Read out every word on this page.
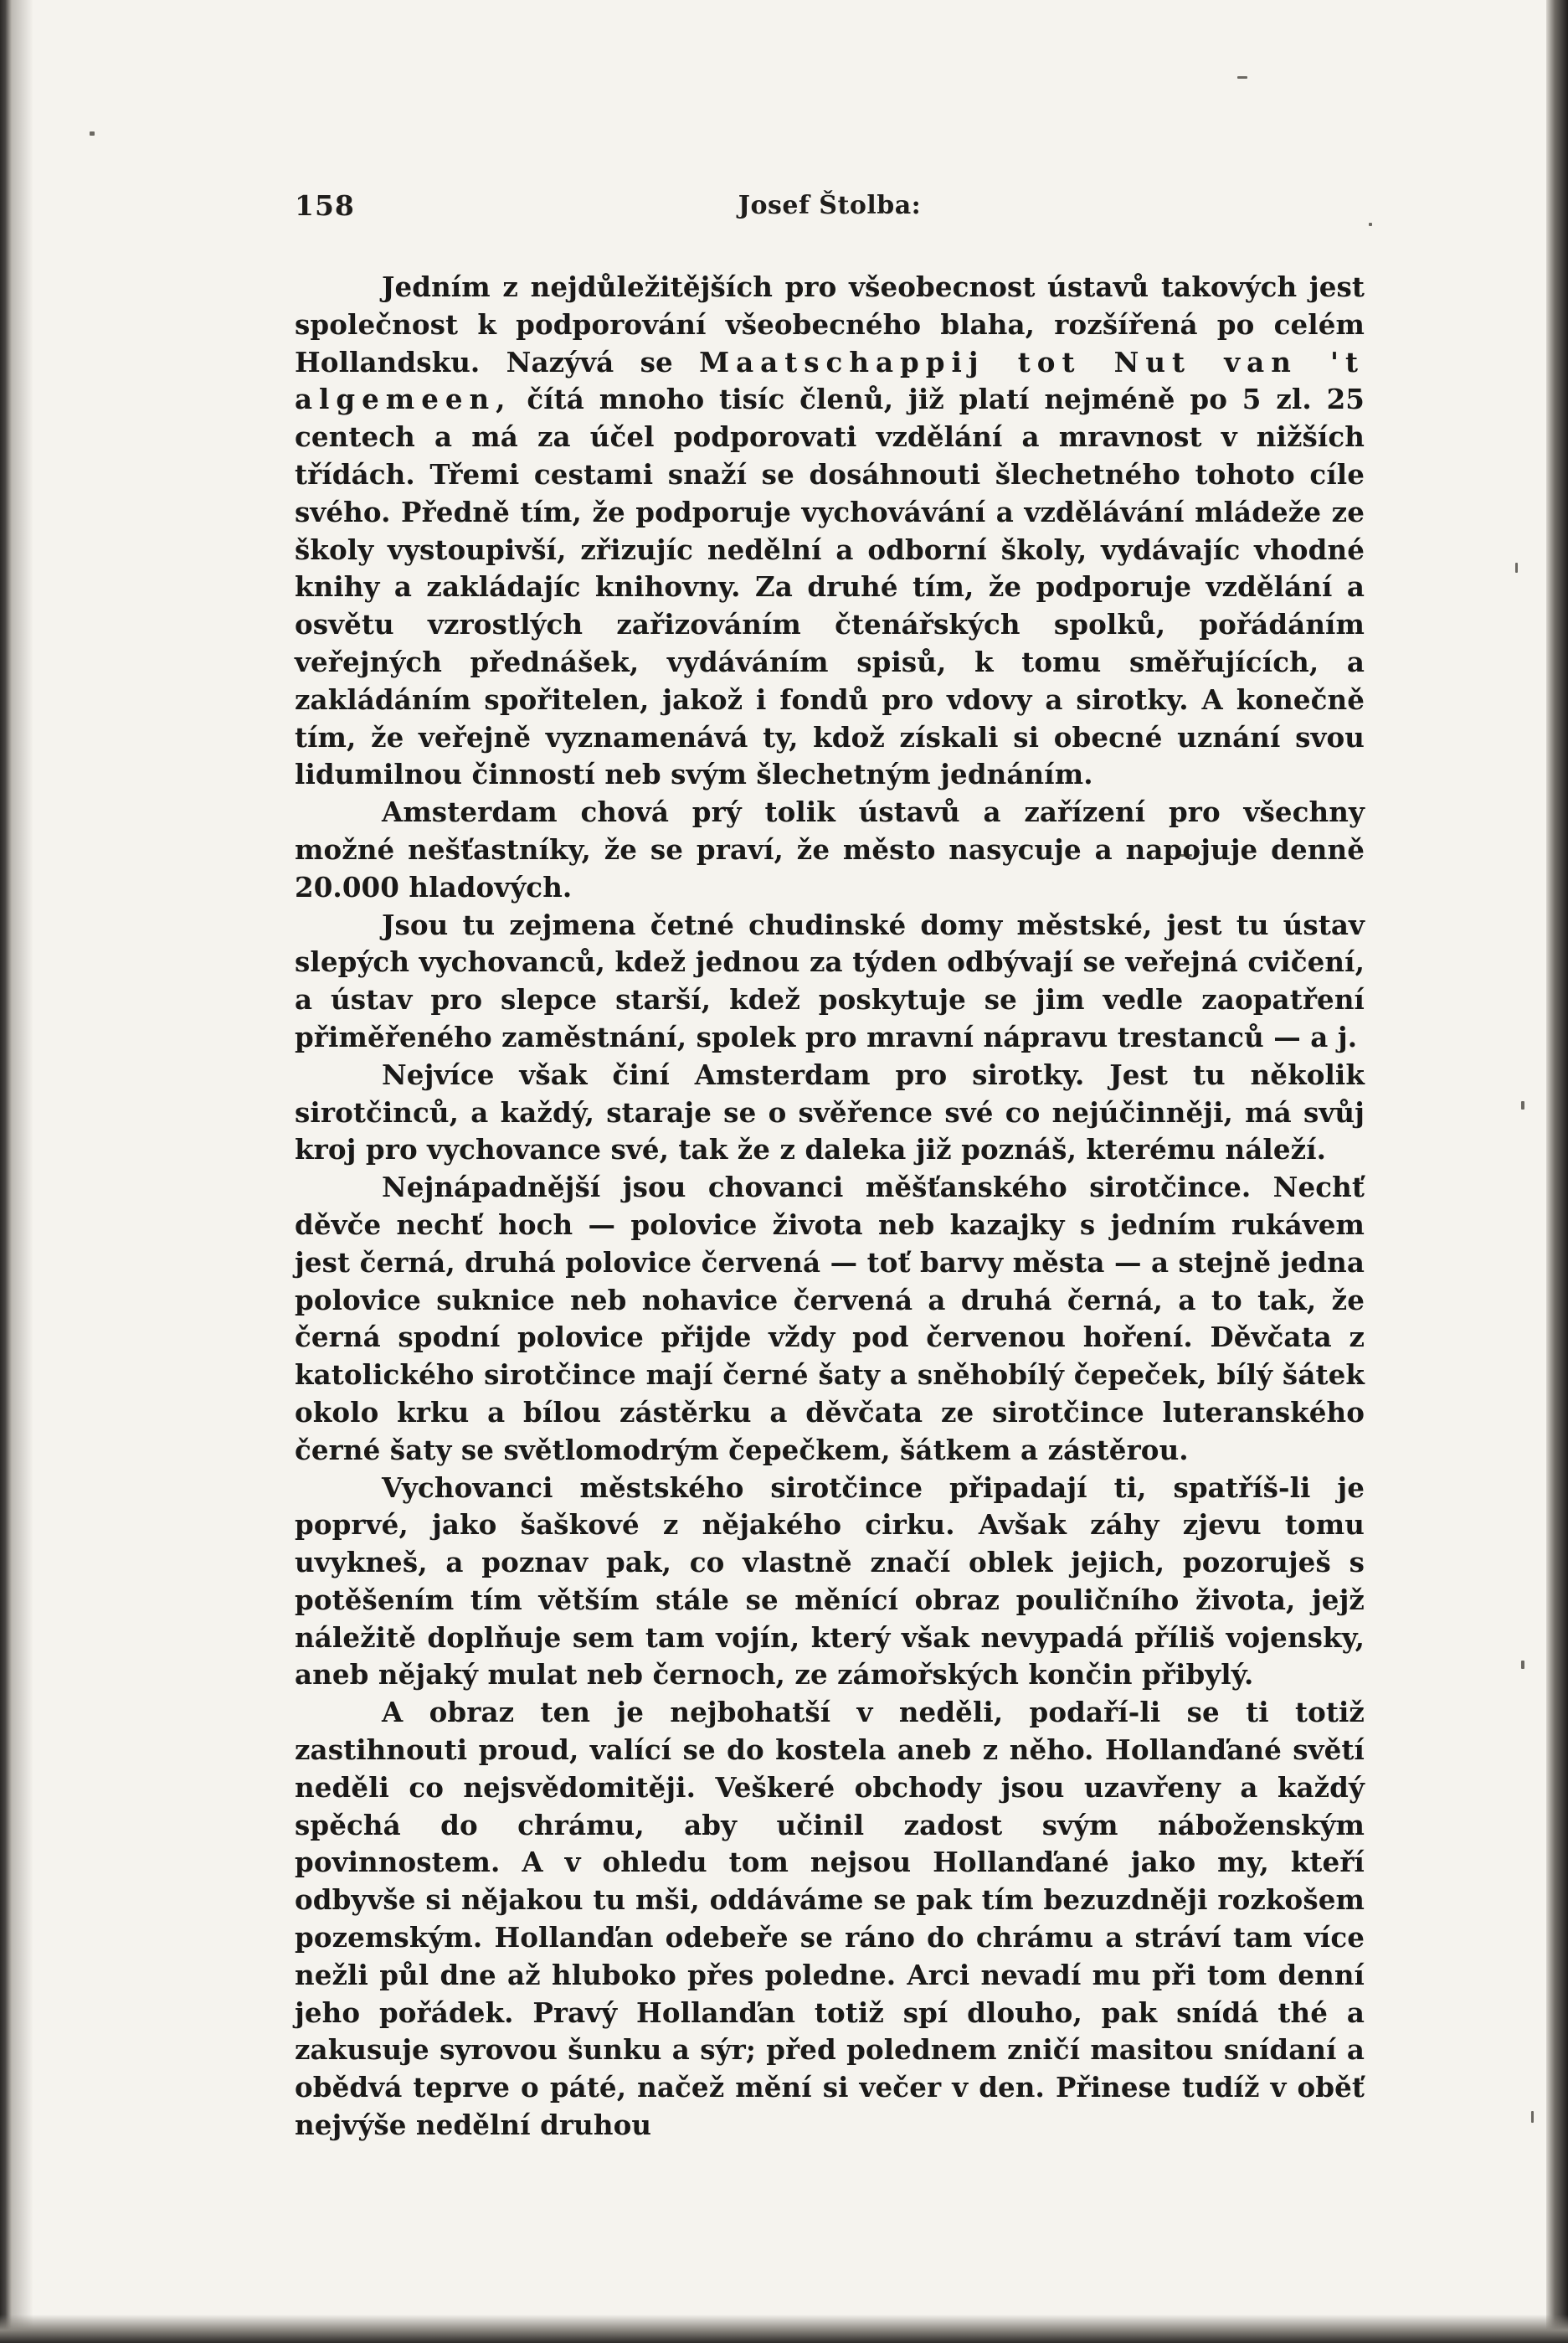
158	Josef Štolba:

Jedním z nejdůležitějších pro všeobecnost ústavů takových jest společnost k podporování všeobecného blaha, rozšířená po celém Hollandsku. Nazývá se Maatschappij tot Nut van 't algemeen, čítá mnoho tisíc členů, již platí nejméně po 5 zl. 25 centech a má za účel podporovati vzdělání a mravnost v nižších třídách. Třemi cestami snaží se dosáhnouti šlechetného tohoto cíle svého. Předně tím, že podporuje vychovávání a vzdělávání mládeže ze školy vystoupivší, zřizujíc nedělní a odborní školy, vydávajíc vhodné knihy a zakládajíc knihovny. Za druhé tím, že podporuje vzdělání a osvětu vzrostlých zařizováním čtenářských spolků, pořádáním veřejných přednášek, vydáváním spisů, k tomu směřujících, a zakládáním spořitelen, jakož i fondů pro vdovy a sirotky. A konečně tím, že veřejně vyznamenává ty, kdož získali si obecné uznání svou lidumilnou činností neb svým šlechetným jednáním.

Amsterdam chová prý tolik ústavů a zařízení pro všechny možné nešťastníky, že se praví, že město nasycuje a napojuje denně 20.000 hladových.

Jsou tu zejmena četné chudinské domy městské, jest tu ústav slepých vychovanců, kdež jednou za týden odbývají se veřejná cvičení, a ústav pro slepce starší, kdež poskytuje se jim vedle zaopatření přiměřeného zaměstnání, spolek pro mravní nápravu trestanců — a j.

Nejvíce však činí Amsterdam pro sirotky. Jest tu několik sirotčinců, a každý, staraje se o svěřence své co nejúčinněji, má svůj kroj pro vychovance své, tak že z daleka již poznáš, kterému náleží.

Nejnápadnější jsou chovanci měšťanského sirotčince. Nechť děvče nechť hoch — polovice života neb kazajky s jedním rukávem jest černá, druhá polovice červená — toť barvy města — a stejně jedna polovice suknice neb nohavice červená a druhá černá, a to tak, že černá spodní polovice přijde vždy pod červenou hoření. Děvčata z katolického sirotčince mají černé šaty a sněhobílý čepeček, bílý šátek okolo krku a bílou zástěrku a děvčata ze sirotčince luteranského černé šaty se světlomodrým čepečkem, šátkem a zástěrou.

Vychovanci městského sirotčince připadají ti, spatříš-li je poprvé, jako šaškové z nějakého cirku. Avšak záhy zjevu tomu uvykneš, a poznav pak, co vlastně značí oblek jejich, pozoruješ s potěšením tím větším stále se měnící obraz pouličního života, jejž náležitě doplňuje sem tam vojín, který však nevypadá příliš vojensky, aneb nějaký mulat neb černoch, ze zámořských končin přibylý.

A obraz ten je nejbohatší v neděli, podaří-li se ti totiž zastihnouti proud, valící se do kostela aneb z něho. Hollanďané světí neděli co nejsvědomitěji. Veškeré obchody jsou uzavřeny a každý spěchá do chrámu, aby učinil zadost svým náboženským povinnostem. A v ohledu tom nejsou Hollanďané jako my, kteří odbyvše si nějakou tu mši, oddáváme se pak tím bezuzdněji rozkošem pozemským. Hollanďan odebeře se ráno do chrámu a stráví tam více nežli půl dne až hluboko přes poledne. Arci nevadí mu při tom denní jeho pořádek. Pravý Hollanďan totiž spí dlouho, pak snídá thé a zakusuje syrovou šunku a sýr; před polednem zničí masitou snídaní a obědvá teprve o páté, načež mění si večer v den. Přinese tudíž v oběť nejvýše nedělní druhou
